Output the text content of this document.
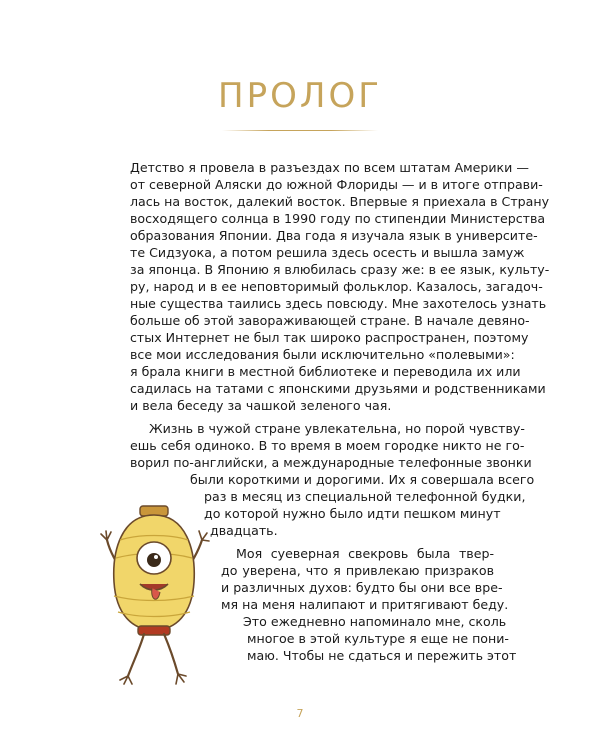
ПРОЛОГ
Детство я провела в разъездах по всем штатам Америки —
от северной Аляски до южной Флориды — и в итоге отправи-
лась на восток, далекий восток. Впервые я приехала в Страну
восходящего солнца в 1990 году по стипендии Министерства
образования Японии. Два года я изучала язык в университе-
те Сидзуока, а потом решила здесь осесть и вышла замуж
за японца. В Японию я влюбилась сразу же: в ее язык, культу-
ру, народ и в ее неповторимый фольклор. Казалось, загадоч-
ные существа таились здесь повсюду. Мне захотелось узнать
больше об этой завораживающей стране. В начале девяно-
стых Интернет не был так широко распространен, поэтому
все мои исследования были исключительно «полевыми»:
я брала книги в местной библиотеке и переводила их или
садилась на татами с японскими друзьями и родственниками
и вела беседу за чашкой зеленого чая.
Жизнь в чужой стране увлекательна, но порой чувству-
ешь себя одиноко. В то время в моем городке никто не го-
ворил по-английски, а международные телефонные звонки
были короткими и дорогими. Их я совершала всего
раз в месяц из специальной телефонной будки,
до которой нужно было идти пешком минут
двадцать.
Моя суеверная свекровь была твер-
до уверена, что я привлекаю призраков
и различных духов: будто бы они все вре-
мя на меня налипают и притягивают беду.
Это ежедневно напоминало мне, сколь
многое в этой культуре я еще не пони-
маю. Чтобы не сдаться и пережить этот
7
